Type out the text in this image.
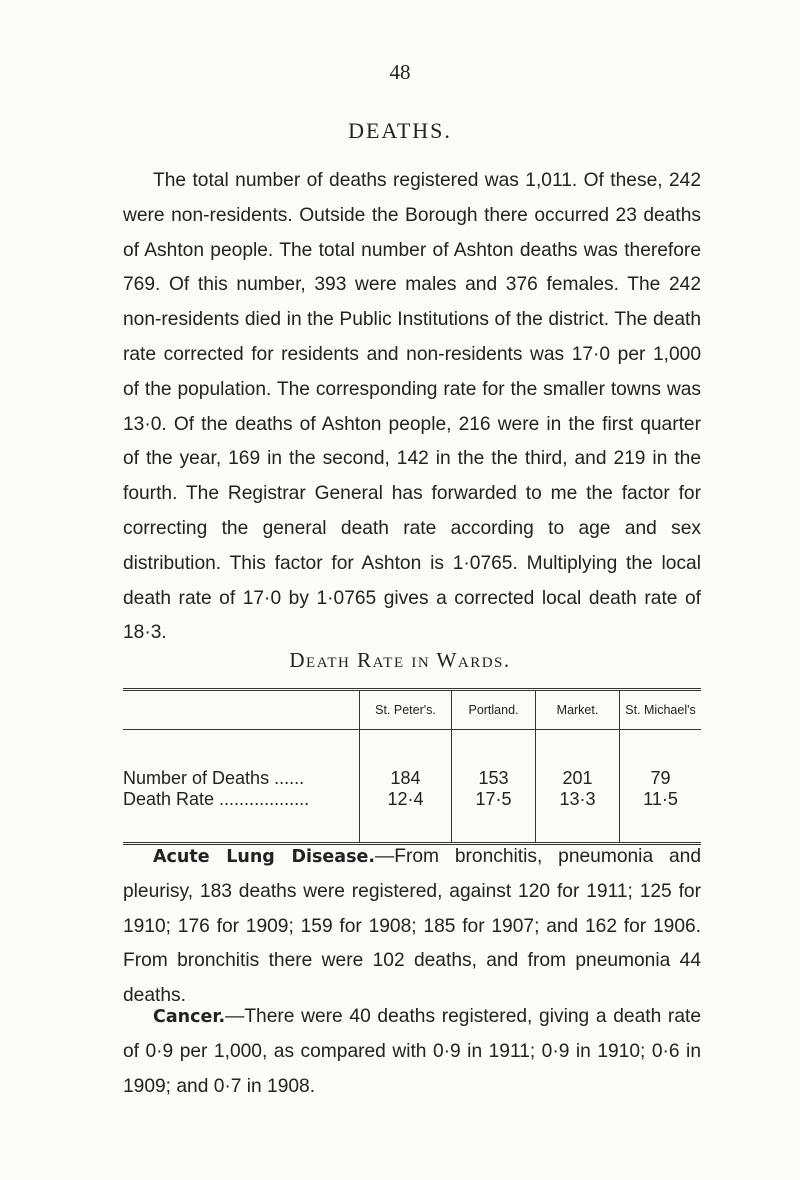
48
DEATHS.

The total number of deaths registered was 1,011. Of these, 242 were non-residents. Outside the Borough there occurred 23 deaths of Ashton people. The total number of Ashton deaths was therefore 769. Of this number, 393 were males and 376 females. The 242 non-residents died in the Public Institutions of the district. The death rate corrected for residents and non-residents was 17·0 per 1,000 of the population. The corresponding rate for the smaller towns was 13·0. Of the deaths of Ashton people, 216 were in the first quarter of the year, 169 in the second, 142 in the the third, and 219 in the fourth. The Registrar General has forwarded to me the factor for correcting the general death rate according to age and sex distribution. This factor for Ashton is 1·0765. Multiplying the local death rate of 17·0 by 1·0765 gives a corrected local death rate of 18·3.

Death Rate in Wards.
	St. Peter's.	Portland.	Market.	St. Michael's
Number of Deaths ......	184	153	201	79
Death Rate ..................	12·4	17·5	13·3	11·5

Acute Lung Disease.—From bronchitis, pneumonia and pleurisy, 183 deaths were registered, against 120 for 1911; 125 for 1910; 176 for 1909; 159 for 1908; 185 for 1907; and 162 for 1906. From bronchitis there were 102 deaths, and from pneumonia 44 deaths.

Cancer.—There were 40 deaths registered, giving a death rate of 0·9 per 1,000, as compared with 0·9 in 1911; 0·9 in 1910; 0·6 in 1909; and 0·7 in 1908.
